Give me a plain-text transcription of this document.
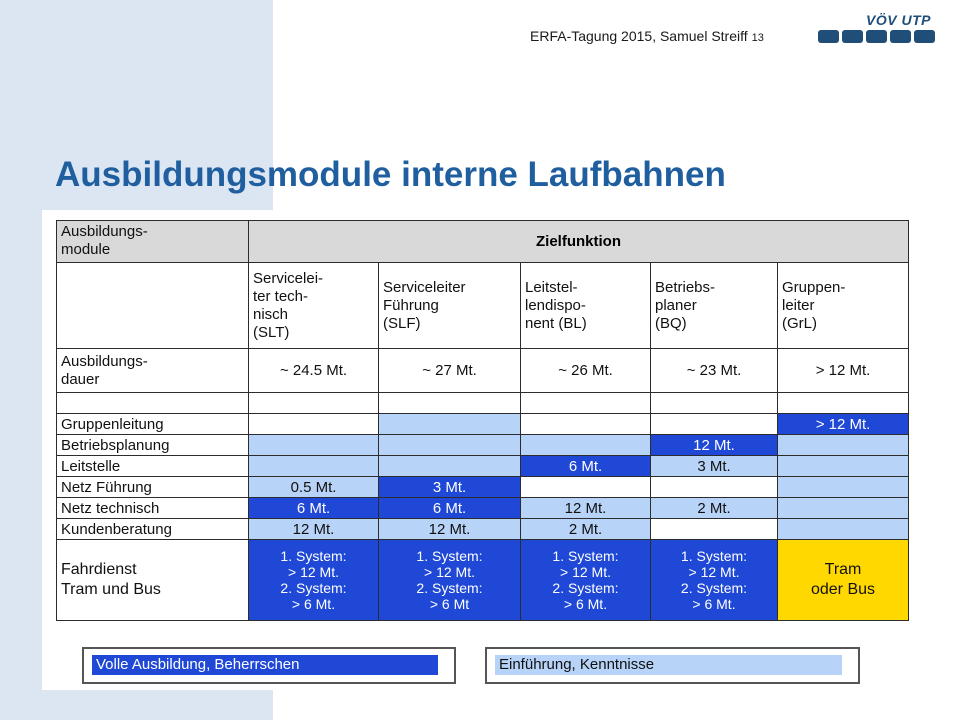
ERFA-Tagung 2015, Samuel Streiff 13
VÖV UTP
Ausbildungsmodule interne Laufbahnen
Ausbildungs-
module	Zielfunktion				
	Servicelei-
ter tech-
nisch
(SLT)	Serviceleiter
Führung
(SLF)	Leitstel-
lendispo-
nent (BL)	Betriebs-
planer
(BQ)	Gruppen-
leiter
(GrL)
Ausbildungs-
dauer	~ 24.5 Mt.	~ 27 Mt.	~ 26 Mt.	~ 23 Mt.	> 12 Mt.

Gruppenleitung					> 12 Mt.
Betriebsplanung				12 Mt.	
Leitstelle			6 Mt.	3 Mt.	
Netz Führung	0.5 Mt.	3 Mt.			
Netz technisch	6 Mt.	6 Mt.	12 Mt.	2 Mt.	
Kundenberatung	12 Mt.	12 Mt.	2 Mt.		
Fahrdienst
Tram und Bus	1. System:
> 12 Mt.
2. System:
> 6 Mt.	1. System:
> 12 Mt.
2. System:
> 6 Mt	1. System:
> 12 Mt.
2. System:
> 6 Mt.	1. System:
> 12 Mt.
2. System:
> 6 Mt.	Tram
oder Bus
Volle Ausbildung, Beherrschen	Einführung, Kenntnisse
